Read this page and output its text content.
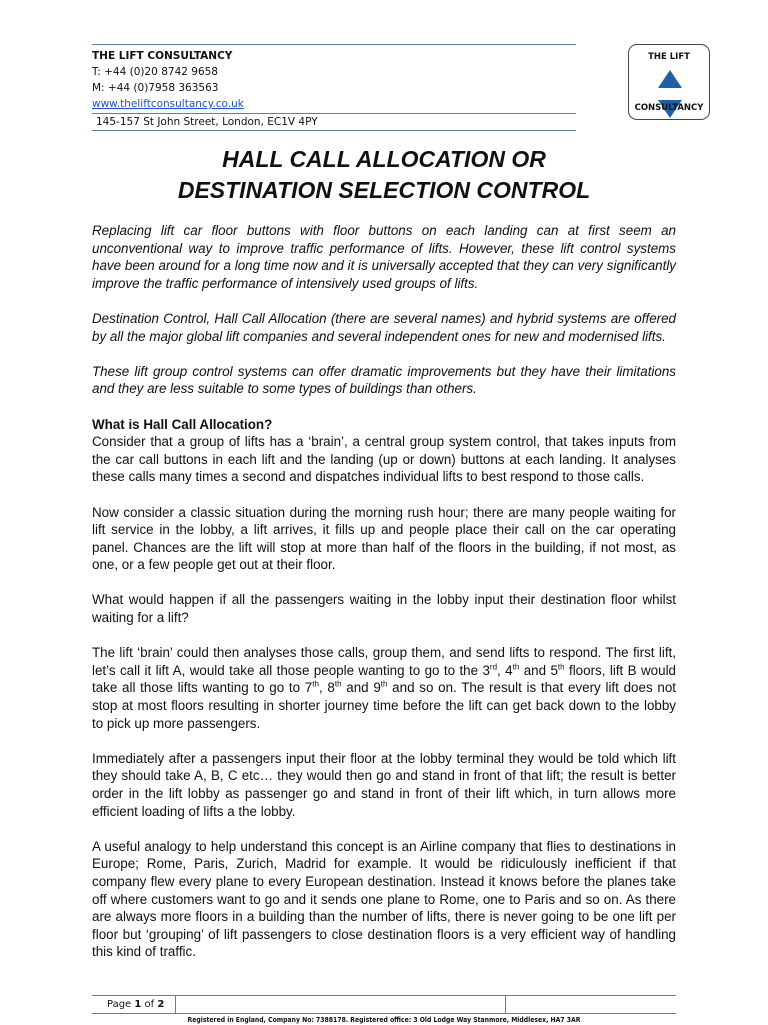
THE LIFT CONSULTANCY

T: +44 (0)20 8742 9658

M: +44 (0)7958 363563

www.theliftconsultancy.co.uk

145-157 St John Street, London, EC1V 4PY

THE LIFT
CONSULTANCY
HALL CALL ALLOCATION OR
DESTINATION SELECTION CONTROL

Replacing lift car floor buttons with floor buttons on each landing can at first seem an unconventional way to improve traffic performance of lifts. However, these lift control systems have been around for a long time now and it is universally accepted that they can very significantly improve the traffic performance of intensively used groups of lifts.

Destination Control, Hall Call Allocation (there are several names) and hybrid systems are offered by all the major global lift companies and several independent ones for new and modernised lifts.

These lift group control systems can offer dramatic improvements but they have their limitations and they are less suitable to some types of buildings than others.

What is Hall Call Allocation?

Consider that a group of lifts has a ‘brain’, a central group system control, that takes inputs from the car call buttons in each lift and the landing (up or down) buttons at each landing. It analyses these calls many times a second and dispatches individual lifts to best respond to those calls.

Now consider a classic situation during the morning rush hour; there are many people waiting for lift service in the lobby, a lift arrives, it fills up and people place their call on the car operating panel. Chances are the lift will stop at more than half of the floors in the building, if not most, as one, or a few people get out at their floor.

What would happen if all the passengers waiting in the lobby input their destination floor whilst waiting for a lift?

The lift ‘brain’ could then analyses those calls, group them, and send lifts to respond. The first lift, let’s call it lift A, would take all those people wanting to go to the 3rd, 4th and 5th floors, lift B would take all those lifts wanting to go to 7th, 8th and 9th and so on. The result is that every lift does not stop at most floors resulting in shorter journey time before the lift can get back down to the lobby to pick up more passengers.

Immediately after a passengers input their floor at the lobby terminal they would be told which lift they should take A, B, C etc… they would then go and stand in front of that lift; the result is better order in the lift lobby as passenger go and stand in front of their lift which, in turn allows more efficient loading of lifts a the lobby.

A useful analogy to help understand this concept is an Airline company that flies to destinations in Europe; Rome, Paris, Zurich, Madrid for example. It would be ridiculously inefficient if that company flew every plane to every European destination. Instead it knows before the planes take off where customers want to go and it sends one plane to Rome, one to Paris and so on. As there are always more floors in a building than the number of lifts, there is never going to be one lift per floor but ‘grouping’ of lift passengers to close destination floors is a very efficient way of handling this kind of traffic.

Page 1 of 2
Registered in England, Company No: 7388178. Registered office: 3 Old Lodge Way Stanmore, Middlesex, HA7 3AR
